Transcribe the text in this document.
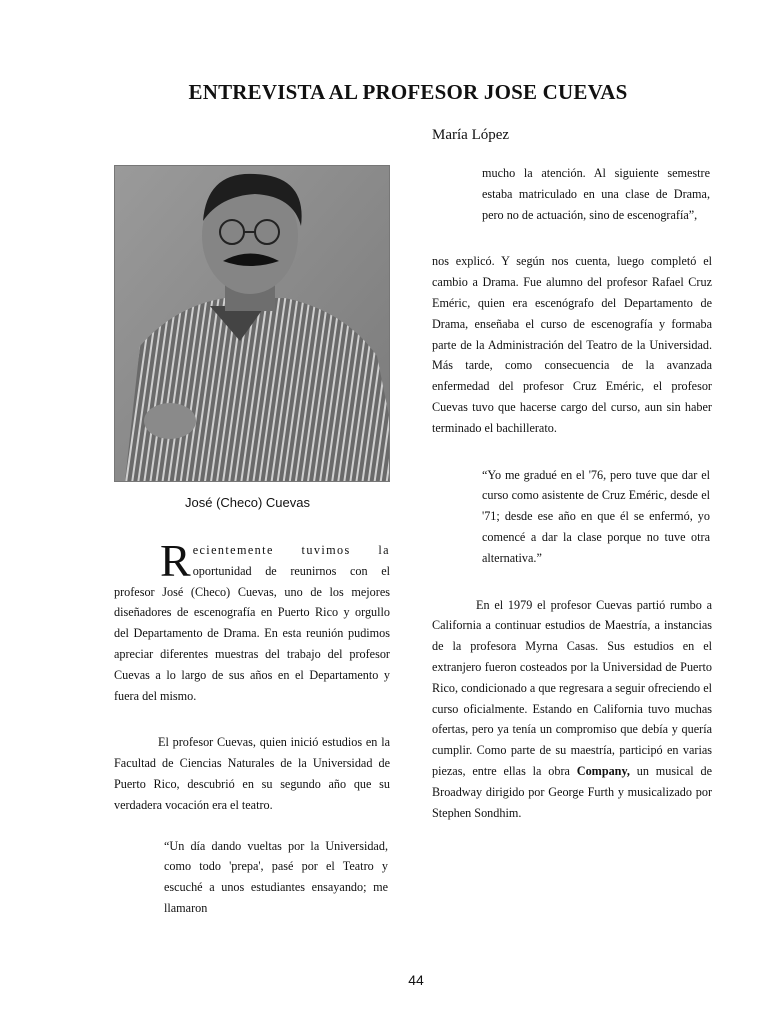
ENTREVISTA AL PROFESOR JOSE CUEVAS
María López
José (Checo) Cuevas

R ecientemente tuvimos la oportunidad de reunirnos con el profesor José (Checo) Cuevas, uno de los mejores diseñadores de escenografía en Puerto Rico y orgullo del Departamento de Drama. En esta reunión pudimos apreciar diferentes muestras del trabajo del profesor Cuevas a lo largo de sus años en el Departamento y fuera del mismo.

El profesor Cuevas, quien inició estudios en la Facultad de Ciencias Naturales de la Universidad de Puerto Rico, descubrió en su segundo año que su verdadera vocación era el teatro.

“Un día dando vueltas por la Universidad, como todo 'prepa', pasé por el Teatro y escuché a unos estudiantes ensayando; me llamaron

mucho la atención. Al siguiente semestre estaba matriculado en una clase de Drama, pero no de actuación, sino de escenografía”,

nos explicó. Y según nos cuenta, luego completó el cambio a Drama. Fue alumno del profesor Rafael Cruz Eméric, quien era escenógrafo del Departamento de Drama, enseñaba el curso de escenografía y formaba parte de la Administración del Teatro de la Universidad. Más tarde, como consecuencia de la avanzada enfermedad del profesor Cruz Eméric, el profesor Cuevas tuvo que hacerse cargo del curso, aun sin haber terminado el bachillerato.

“Yo me gradué en el '76, pero tuve que dar el curso como asistente de Cruz Eméric, desde el '71; desde ese año en que él se enfermó, yo comencé a dar la clase porque no tuve otra alternativa.”

En el 1979 el profesor Cuevas partió rumbo a California a continuar estudios de Maestría, a instancias de la profesora Myrna Casas. Sus estudios en el extranjero fueron costeados por la Universidad de Puerto Rico, condicionado a que regresara a seguir ofreciendo el curso oficialmente. Estando en California tuvo muchas ofertas, pero ya tenía un compromiso que debía y quería cumplir. Como parte de su maestría, participó en varias piezas, entre ellas la obra Company, un musical de Broadway dirigido por George Furth y musicalizado por Stephen Sondhim.

44
